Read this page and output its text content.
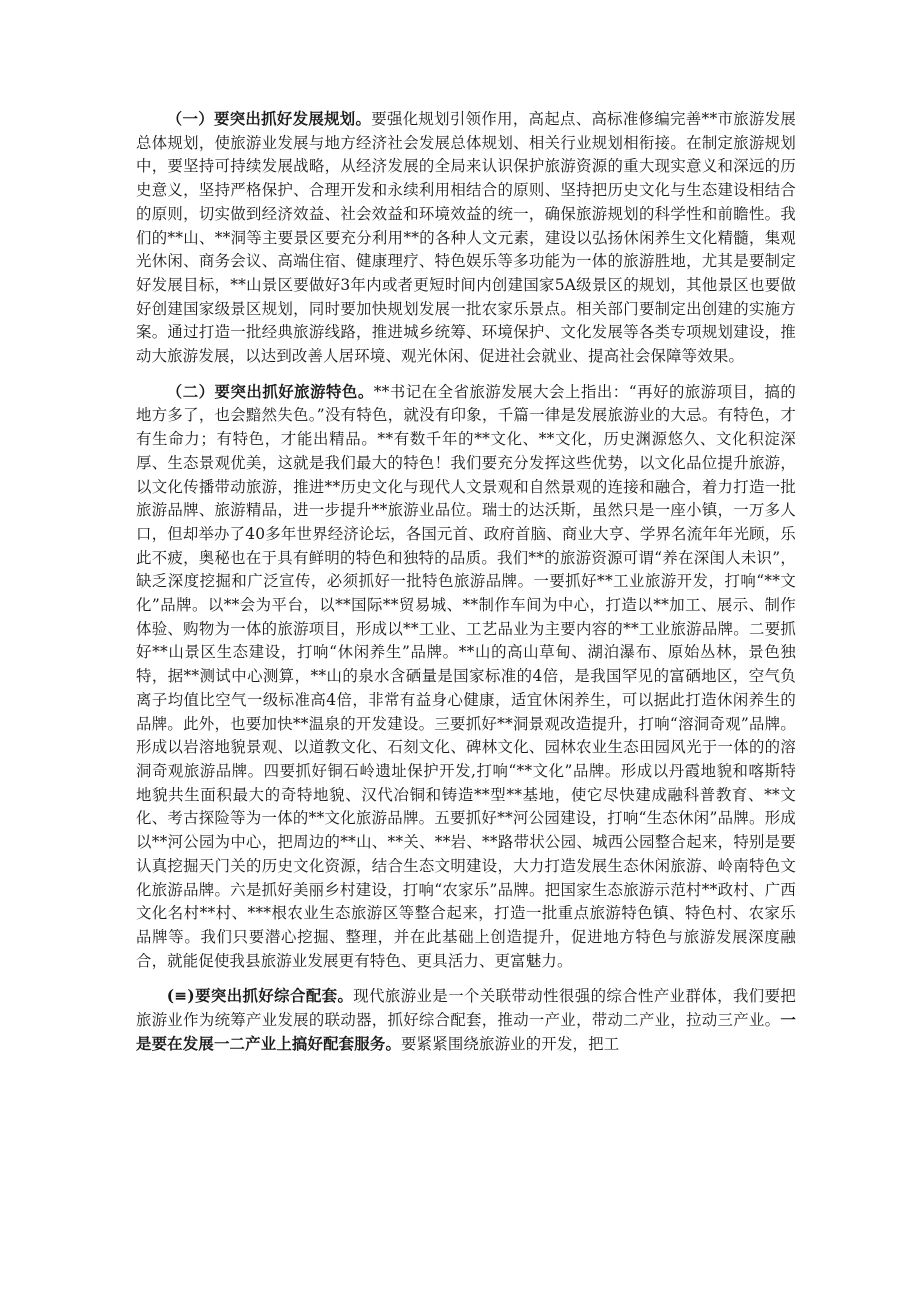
（一）要突出抓好发展规划。要强化规划引领作用，高起点、高标准修编完善**市旅游发展总体规划，使旅游业发展与地方经济社会发展总体规划、相关行业规划相衔接。在制定旅游规划中，要坚持可持续发展战略，从经济发展的全局来认识保护旅游资源的重大现实意义和深远的历史意义，坚持严格保护、合理开发和永续利用相结合的原则、坚持把历史文化与生态建设相结合的原则，切实做到经济效益、社会效益和环境效益的统一，确保旅游规划的科学性和前瞻性。我们的**山、**洞等主要景区要充分利用**的各种人文元素，建设以弘扬休闲养生文化精髓，集观光休闲、商务会议、高端住宿、健康理疗、特色娱乐等多功能为一体的旅游胜地，尤其是要制定好发展目标，**山景区要做好3年内或者更短时间内创建国家5A级景区的规划，其他景区也要做好创建国家级景区规划，同时要加快规划发展一批农家乐景点。相关部门要制定出创建的实施方案。通过打造一批经典旅游线路，推进城乡统筹、环境保护、文化发展等各类专项规划建设，推动大旅游发展，以达到改善人居环境、观光休闲、促进社会就业、提高社会保障等效果。

（二）要突出抓好旅游特色。**书记在全省旅游发展大会上指出：“再好的旅游项目，搞的地方多了，也会黯然失色。”没有特色，就没有印象，千篇一律是发展旅游业的大忌。有特色，才有生命力；有特色，才能出精品。**有数千年的**文化、**文化，历史渊源悠久、文化积淀深厚、生态景观优美，这就是我们最大的特色！我们要充分发挥这些优势，以文化品位提升旅游，以文化传播带动旅游，推进**历史文化与现代人文景观和自然景观的连接和融合，着力打造一批旅游品牌、旅游精品，进一步提升**旅游业品位。瑞士的达沃斯，虽然只是一座小镇，一万多人口，但却举办了40多年世界经济论坛，各国元首、政府首脑、商业大亨、学界名流年年光顾，乐此不疲，奥秘也在于具有鲜明的特色和独特的品质。我们**的旅游资源可谓“养在深闺人未识”，缺乏深度挖掘和广泛宣传，必须抓好一批特色旅游品牌。一要抓好**工业旅游开发，打响“**文化”品牌。以**会为平台，以**国际**贸易城、**制作车间为中心，打造以**加工、展示、制作体验、购物为一体的旅游项目，形成以**工业、工艺品业为主要内容的**工业旅游品牌。二要抓好**山景区生态建设，打响“休闲养生”品牌。**山的高山草甸、湖泊瀑布、原始丛林，景色独特，据**测试中心测算，**山的泉水含硒量是国家标准的4倍，是我国罕见的富硒地区，空气负离子均值比空气一级标准高4倍，非常有益身心健康，适宜休闲养生，可以据此打造休闲养生的品牌。此外，也要加快**温泉的开发建设。三要抓好**洞景观改造提升，打响“溶洞奇观”品牌。形成以岩溶地貌景观、以道教文化、石刻文化、碑林文化、园林农业生态田园风光于一体的的溶洞奇观旅游品牌。四要抓好铜石岭遗址保护开发,打响“**文化”品牌。形成以丹霞地貌和喀斯特地貌共生面积最大的奇特地貌、汉代冶铜和铸造**型**基地，使它尽快建成融科普教育、**文化、考古探险等为一体的**文化旅游品牌。五要抓好**河公园建设，打响“生态休闲”品牌。形成以**河公园为中心，把周边的**山、**关、**岩、**路带状公园、城西公园整合起来，特别是要认真挖掘天门关的历史文化资源，结合生态文明建设，大力打造发展生态休闲旅游、岭南特色文化旅游品牌。六是抓好美丽乡村建设，打响“农家乐”品牌。把国家生态旅游示范村**政村、广西文化名村**村、***根农业生态旅游区等整合起来，打造一批重点旅游特色镇、特色村、农家乐品牌等。我们只要潜心挖掘、整理，并在此基础上创造提升，促进地方特色与旅游发展深度融合，就能促使我县旅游业发展更有特色、更具活力、更富魅力。

(≡)要突出抓好综合配套。现代旅游业是一个关联带动性很强的综合性产业群体，我们要把旅游业作为统筹产业发展的联动器，抓好综合配套，推动一产业，带动二产业，拉动三产业。一是要在发展一二产业上搞好配套服务。要紧紧围绕旅游业的开发，把工
